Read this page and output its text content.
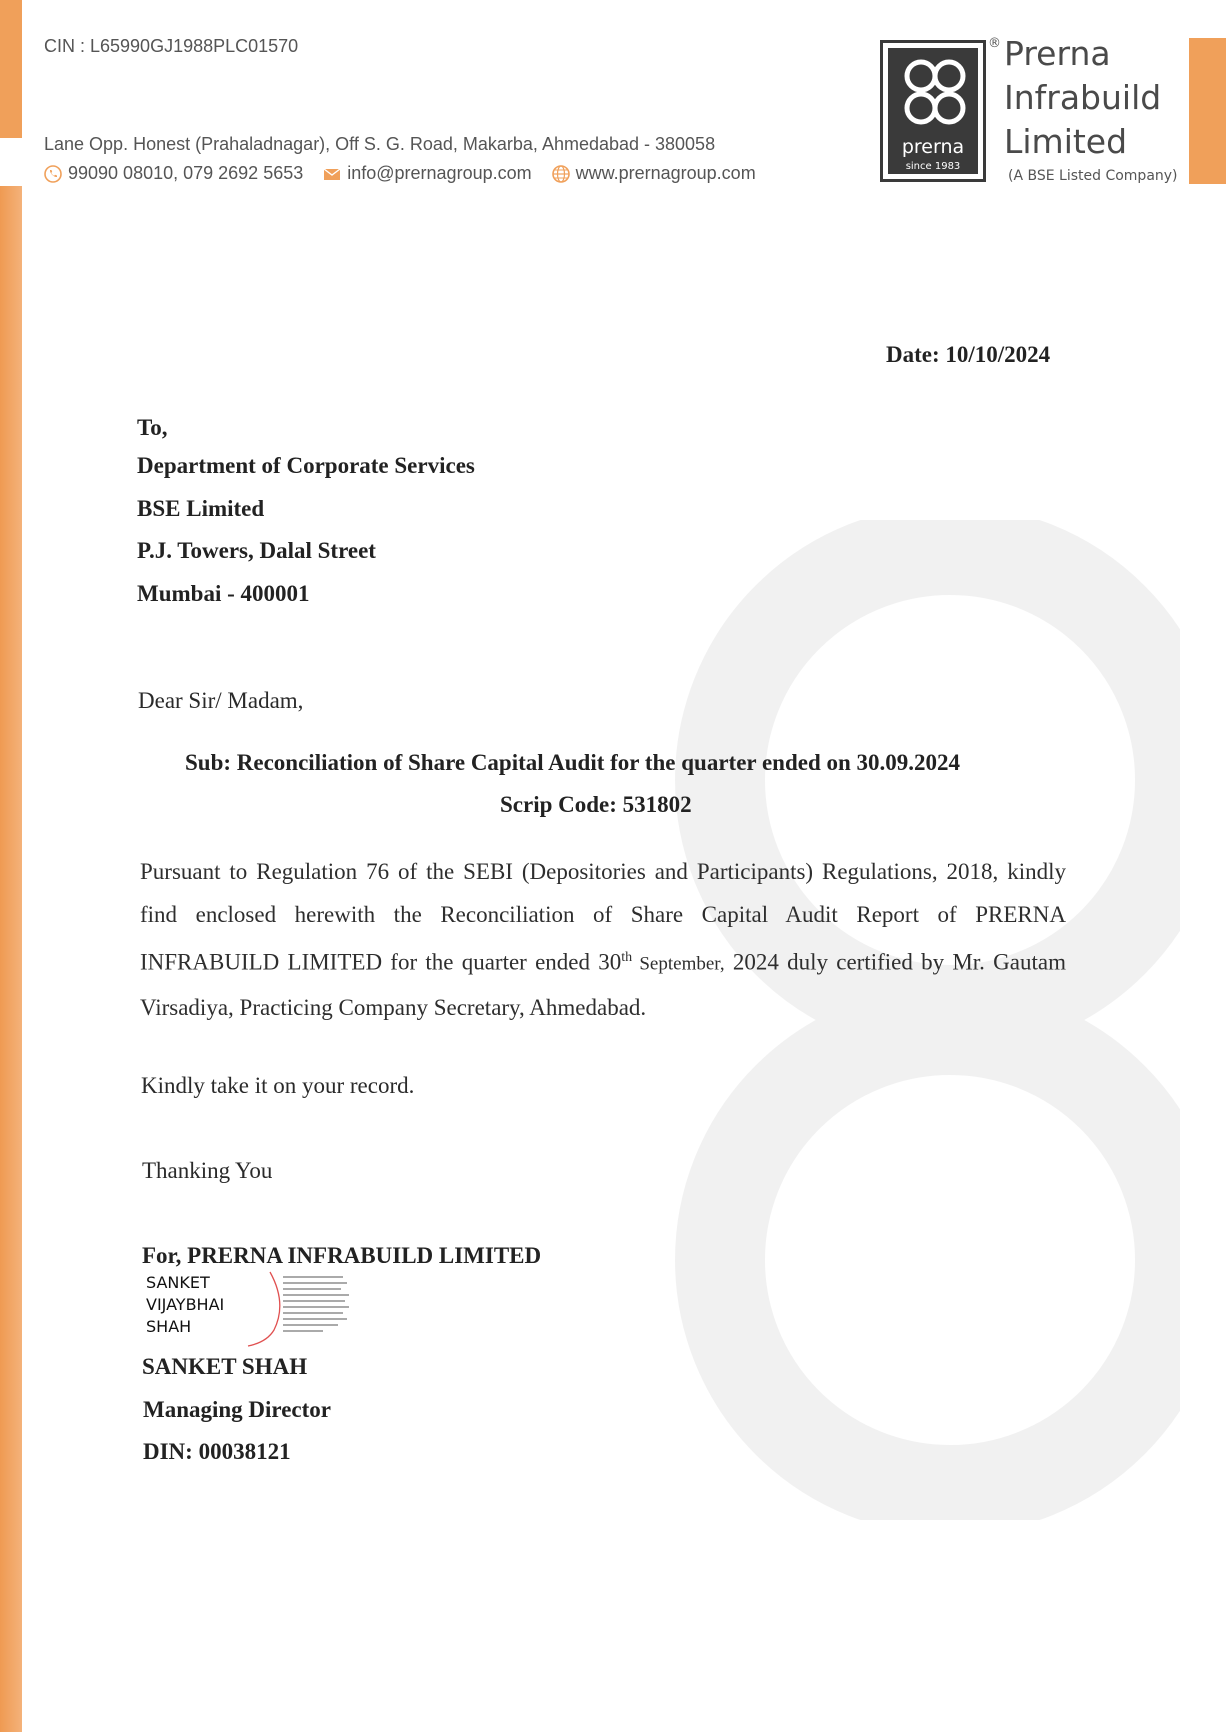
CIN : L65990GJ1988PLC01570
Lane Opp. Honest (Prahaladnagar), Off S. G. Road, Makarba, Ahmedabad - 380058
99090 08010, 079 2692 5653 info@prernagroup.com www.prernagroup.com
prerna
since 1983
® Prerna
Infrabuild
Limited
(A BSE Listed Company)
Date: 10/10/2024
To,
Department of Corporate Services
BSE Limited
P.J. Towers, Dalal Street
Mumbai - 400001
Dear Sir/ Madam,
Sub: Reconciliation of Share Capital Audit for the quarter ended on 30.09.2024
Scrip Code: 531802
Pursuant to Regulation 76 of the SEBI (Depositories and Participants) Regulations, 2018, kindly find enclosed herewith the Reconciliation of Share Capital Audit Report of PRERNA INFRABUILD LIMITED for the quarter ended 30th September, 2024 duly certified by Mr. Gautam Virsadiya, Practicing Company Secretary, Ahmedabad.
Kindly take it on your record.
Thanking You
For, PRERNA INFRABUILD LIMITED
SANKET
VIJAYBHAI
SHAH
SANKET SHAH
Managing Director
DIN: 00038121
